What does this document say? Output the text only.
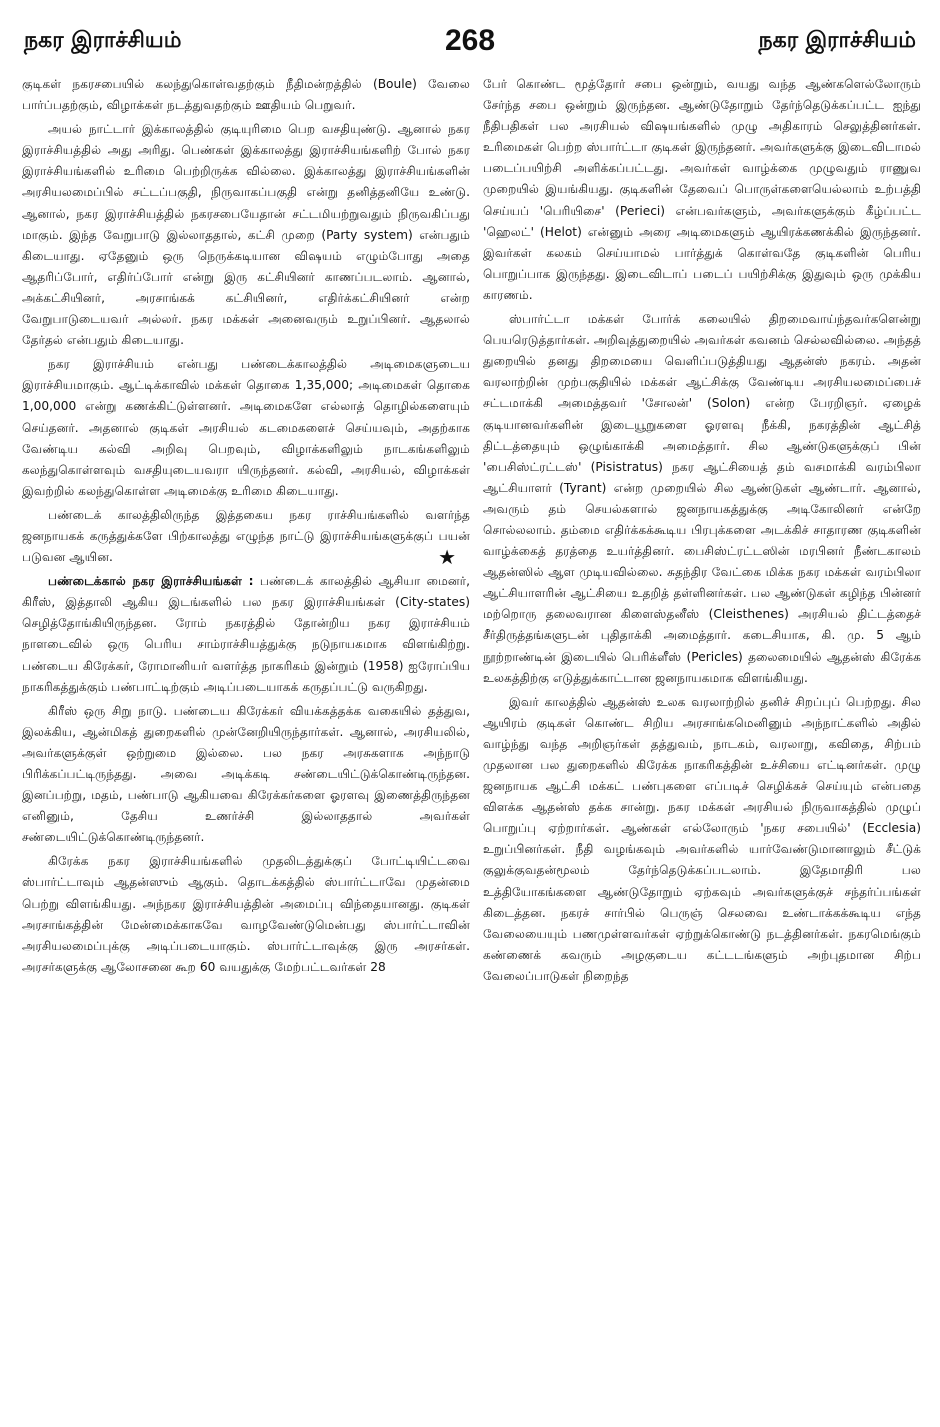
நகர இராச்சியம்	268	நகர இராச்சியம்

குடிகள் நகரசபையில் கலந்துகொள்வதற்கும் நீதிமன்றத்தில் (Boule) வேலை பார்ப்பதற்கும், விழாக்கள் நடத்துவதற்கும் ஊதியம் பெறுவர்.

அயல் நாட்டார் இக்காலத்தில் குடியுரிமை பெற வசதியுண்டு. ஆனால் நகர இராச்சியத்தில் அது அரிது. பெண்கள் இக்காலத்து இராச்சியங்களிற் போல் நகர இராச்சியங்களில் உரிமை பெற்றிருக்க வில்லை. இக்காலத்து இராச்சியங்களின் அரசியலமைப்பில் சட்டப்பகுதி, நிருவாகப்பகுதி என்று தனித்தனியே உண்டு. ஆனால், நகர இராச்சியத்தில் நகரசபையேதான் சட்டமியற்றுவதும் நிருவகிப்பது மாகும். இந்த வேறுபாடு இல்லாததால், கட்சி முறை (Party system) என்பதும் கிடையாது. ஏதேனும் ஒரு நெருக்கடியான விஷயம் எழும்போது அதை ஆதரிப்போர், எதிர்ப்போர் என்று இரு கட்சியினர் காணப்படலாம். ஆனால், அக்கட்சியினர், அரசாங்கக் கட்சியினர், எதிர்க்கட்சியினர் என்ற வேறுபாடுடையவர் அல்லர். நகர மக்கள் அனைவரும் உறுப்பினர். ஆதலால் தேர்தல் என்பதும் கிடையாது.

நகர இராச்சியம் என்பது பண்டைக்காலத்தில் அடிமைகளுடைய இராச்சியமாகும். ஆட்டிக்காவில் மக்கள் தொகை 1,35,000; அடிமைகள் தொகை 1,00,000 என்று கணக்கிட்டுள்ளனர். அடிமைகளே எல்லாத் தொழில்களையும் செய்தனர். அதனால் குடிகள் அரசியல் கடமைகளைச் செய்யவும், அதற்காக வேண்டிய கல்வி அறிவு பெறவும், விழாக்களிலும் நாடகங்களிலும் கலந்துகொள்ளவும் வசதியுடையவரா யிருந்தனர். கல்வி, அரசியல், விழாக்கள் இவற்றில் கலந்துகொள்ள அடிமைக்கு உரிமை கிடையாது.

பண்டைக் காலத்திலிருந்த இத்தகைய நகர ராச்சியங்களில் வளர்ந்த ஜனநாயகக் கருத்துக்களே பிற்காலத்து எழுந்த நாட்டு இராச்சியங்களுக்குப் பயன் படுவன ஆயின.	★

பண்டைக்கால் நகர இராச்சியங்கள் : பண்டைக் காலத்தில் ஆசியா மைனர், கிரீஸ், இத்தாலி ஆகிய இடங்களில் பல நகர இராச்சியங்கள் (City-states) செழித்தோங்கியிருந்தன. ரோம் நகரத்தில் தோன்றிய நகர இராச்சியம் நாளடைவில் ஒரு பெரிய சாம்ராச்சியத்துக்கு நடுநாயகமாக விளங்கிற்று. பண்டைய கிரேக்கர், ரோமானியர் வளர்த்த நாகரிகம் இன்றும் (1958) ஐரோப்பிய நாகரிகத்துக்கும் பண்பாட்டிற்கும் அடிப்படையாகக் கருதப்பட்டு வருகிறது.

கிரீஸ் ஒரு சிறு நாடு. பண்டைய கிரேக்கர் வியக்கத்தக்க வகையில் தத்துவ, இலக்கிய, ஆன்மிகத் துறைகளில் முன்னேறியிருந்தார்கள். ஆனால், அரசியலில், அவர்களுக்குள் ஒற்றுமை இல்லை. பல நகர அரசுகளாக அந்நாடு பிரிக்கப்பட்டிருந்தது. அவை அடிக்கடி சண்டையிட்டுக்கொண்டிருந்தன. இனப்பற்று, மதம், பண்பாடு ஆகியவை கிரேக்கர்களை ஓரளவு இணைத்திருந்தன எனினும், தேசிய உணர்ச்சி இல்லாததால் அவர்கள் சண்டையிட்டுக்கொண்டிருந்தனர்.

கிரேக்க நகர இராச்சியங்களில் முதலிடத்துக்குப் போட்டியிட்டவை ஸ்பார்ட்டாவும் ஆதன்ஸும் ஆகும். தொடக்கத்தில் ஸ்பார்ட்டாவே முதன்மை பெற்று விளங்கியது. அந்நகர இராச்சியத்தின் அமைப்பு விந்தையானது. குடிகள் அரசாங்கத்தின் மேன்மைக்காகவே வாழவேண்டுமென்பது ஸ்பார்ட்டாவின் அரசியலமைப்புக்கு அடிப்படையாகும். ஸ்பார்ட்டாவுக்கு இரு அரசர்கள். அரசர்களுக்கு ஆலோசனை கூற 60 வயதுக்கு மேற்பட்டவர்கள் 28

பேர் கொண்ட மூத்தோர் சபை ஒன்றும், வயது வந்த ஆண்களெல்லோரும் சேர்ந்த சபை ஒன்றும் இருந்தன. ஆண்டுதோறும் தேர்ந்தெடுக்கப்பட்ட ஐந்து நீதிபதிகள் பல அரசியல் விஷயங்களில் முழு அதிகாரம் செலுத்தினர்கள். உரிமைகள் பெற்ற ஸ்பார்ட்டா குடிகள் இருந்தனர். அவர்களுக்கு இடைவிடாமல் படைப்பயிற்சி அளிக்கப்பட்டது. அவர்கள் வாழ்க்கை முழுவதும் ராணுவ முறையில் இயங்கியது. குடிகளின் தேவைப் பொருள்களையெல்லாம் உற்பத்தி செய்யப் 'பெரியிசை' (Perieci) என்பவர்களும், அவர்களுக்கும் கீழ்ப்பட்ட 'ஹெலட்' (Helot) என்னும் அரை அடிமைகளும் ஆயிரக்கணக்கில் இருந்தனர். இவர்கள் கலகம் செய்யாமல் பார்த்துக் கொள்வதே குடிகளின் பெரிய பொறுப்பாக இருந்தது. இடைவிடாப் படைப் பயிற்சிக்கு இதுவும் ஒரு முக்கிய காரணம்.

ஸ்பார்ட்டா மக்கள் போர்க் கலையில் திறமைவாய்ந்தவர்களென்று பெயரெடுத்தார்கள். அறிவுத்துறையில் அவர்கள் கவனம் செல்லவில்லை. அந்தத் துறையில் தனது திறமையை வெளிப்படுத்தியது ஆதன்ஸ் நகரம். அதன் வரலாற்றின் முற்பகுதியில் மக்கள் ஆட்சிக்கு வேண்டிய அரசியலமைப்பைச் சட்டமாக்கி அமைத்தவர் 'சோலன்' (Solon) என்ற பேரறிஞர். ஏழைக் குடியானவர்களின் இடையூறுகளை ஓரளவு நீக்கி, நகரத்தின் ஆட்சித் திட்டத்தையும் ஒழுங்காக்கி அமைத்தார். சில ஆண்டுகளுக்குப் பின் 'பைசிஸ்ட்ரட்டஸ்' (Pisistratus) நகர ஆட்சியைத் தம் வசமாக்கி வரம்பிலா ஆட்சியாளர் (Tyrant) என்ற முறையில் சில ஆண்டுகள் ஆண்டார். ஆனால், அவரும் தம் செயல்களால் ஜனநாயகத்துக்கு அடிகோலினர் என்றே சொல்லலாம். தம்மை எதிர்க்கக்கூடிய பிரபுக்களை அடக்கிச் சாதாரண குடிகளின் வாழ்க்கைத் தரத்தை உயர்த்தினர். பைசிஸ்ட்ரட்டஸின் மரபினர் நீண்டகாலம் ஆதன்ஸில் ஆள முடியவில்லை. சுதந்திர வேட்கை மிக்க நகர மக்கள் வரம்பிலா ஆட்சியாளரின் ஆட்சியை உதறித் தள்ளினர்கள். பல ஆண்டுகள் கழிந்த பின்னர் மற்றொரு தலைவரான கிளைஸ்தனீஸ் (Cleisthenes) அரசியல் திட்டத்தைச் சீர்திருத்தங்களுடன் புதிதாக்கி அமைத்தார். கடைசியாக, கி. மு. 5 ஆம் நூற்றாண்டின் இடையில் பெரிக்ளீஸ் (Pericles) தலைமையில் ஆதன்ஸ் கிரேக்க உலகத்திற்கு எடுத்துக்காட்டான ஜனநாயகமாக விளங்கியது.

இவர் காலத்தில் ஆதன்ஸ் உலக வரலாற்றில் தனிச் சிறப்புப் பெற்றது. சில ஆயிரம் குடிகள் கொண்ட சிறிய அரசாங்கமெனினும் அந்நாட்களில் அதில் வாழ்ந்து வந்த அறிஞர்கள் தத்துவம், நாடகம், வரலாறு, கவிதை, சிற்பம் முதலான பல துறைகளில் கிரேக்க நாகரிகத்தின் உச்சியை எட்டினர்கள். முழு ஜனநாயக ஆட்சி மக்கட் பண்புகளை எப்படிச் செழிக்கச் செய்யும் என்பதை விளக்க ஆதன்ஸ் தக்க சான்று. நகர மக்கள் அரசியல் நிருவாகத்தில் முழுப் பொறுப்பு ஏற்றார்கள். ஆண்கள் எல்லோரும் 'நகர சபையில்' (Ecclesia) உறுப்பினர்கள். நீதி வழங்கவும் அவர்களில் யார்வேண்டுமானாலும் சீட்டுக் குலுக்குவதன்மூலம் தேர்ந்தெடுக்கப்படலாம். இதேமாதிரி பல உத்தியோகங்களை ஆண்டுதோறும் ஏற்கவும் அவர்களுக்குச் சந்தர்ப்பங்கள் கிடைத்தன. நகரச் சார்பில் பெருஞ் செலவை உண்டாக்கக்கூடிய எந்த வேலையையும் பணமுள்ளவர்கள் ஏற்றுக்கொண்டு நடத்தினர்கள். நகரமெங்கும் கண்ணைக் கவரும் அழகுடைய கட்டடங்களும் அற்புதமான சிற்ப வேலைப்பாடுகள் நிறைந்த
